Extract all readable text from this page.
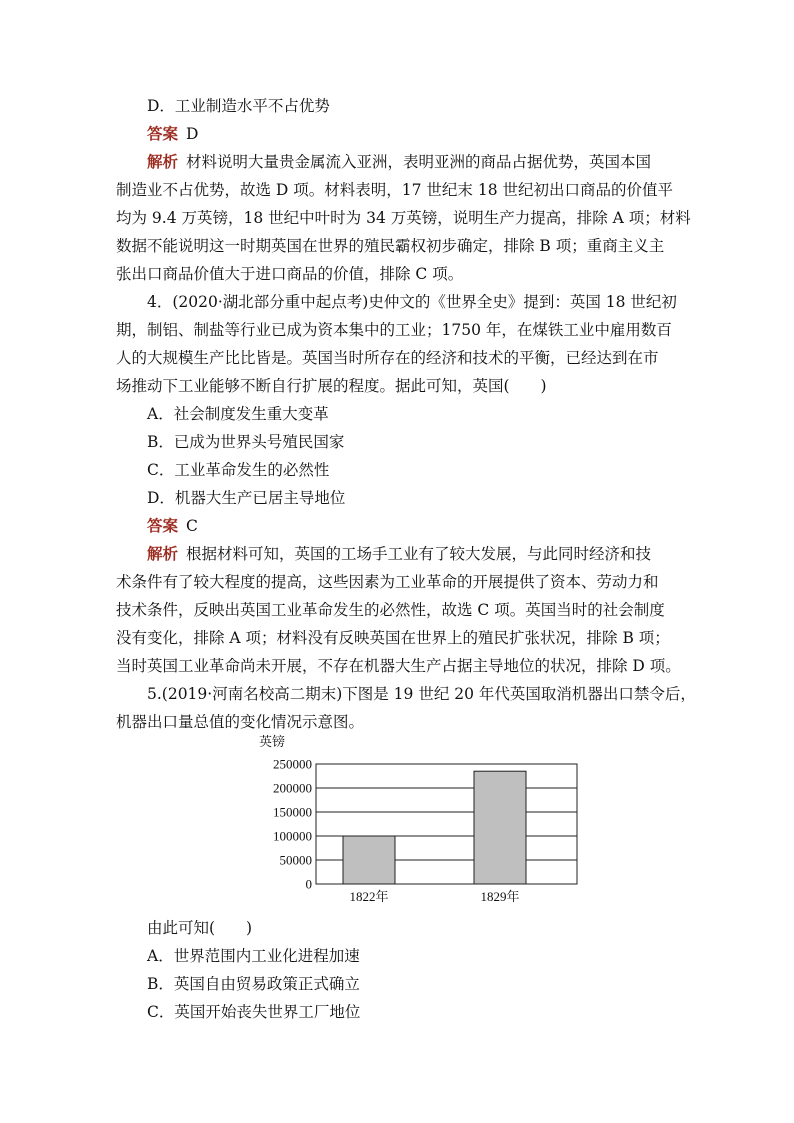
D．工业制造水平不占优势
答案 D
解析 材料说明大量贵金属流入亚洲，表明亚洲的商品占据优势，英国本国
制造业不占优势，故选 D 项。材料表明，17 世纪末 18 世纪初出口商品的价值平
均为 9.4 万英镑，18 世纪中叶时为 34 万英镑，说明生产力提高，排除 A 项；材料
数据不能说明这一时期英国在世界的殖民霸权初步确定，排除 B 项；重商主义主
张出口商品价值大于进口商品的价值，排除 C 项。
4．(2020·湖北部分重中起点考)史仲文的《世界全史》提到：英国 18 世纪初
期，制铝、制盐等行业已成为资本集中的工业；1750 年，在煤铁工业中雇用数百
人的大规模生产比比皆是。英国当时所存在的经济和技术的平衡，已经达到在市
场推动下工业能够不断自行扩展的程度。据此可知，英国(　　)
A．社会制度发生重大变革
B．已成为世界头号殖民国家
C．工业革命发生的必然性
D．机器大生产已居主导地位
答案 C
解析 根据材料可知，英国的工场手工业有了较大发展，与此同时经济和技
术条件有了较大程度的提高，这些因素为工业革命的开展提供了资本、劳动力和
技术条件，反映出英国工业革命发生的必然性，故选 C 项。英国当时的社会制度
没有变化，排除 A 项；材料没有反映英国在世界上的殖民扩张状况，排除 B 项；
当时英国工业革命尚未开展，不存在机器大生产占据主导地位的状况，排除 D 项。
5.(2019·河南名校高二期末)下图是 19 世纪 20 年代英国取消机器出口禁令后，
机器出口量总值的变化情况示意图。
英镑
250000
200000
150000
100000
50000
0
1822年	1829年
由此可知(　　)
A．世界范围内工业化进程加速
B．英国自由贸易政策正式确立
C．英国开始丧失世界工厂地位
